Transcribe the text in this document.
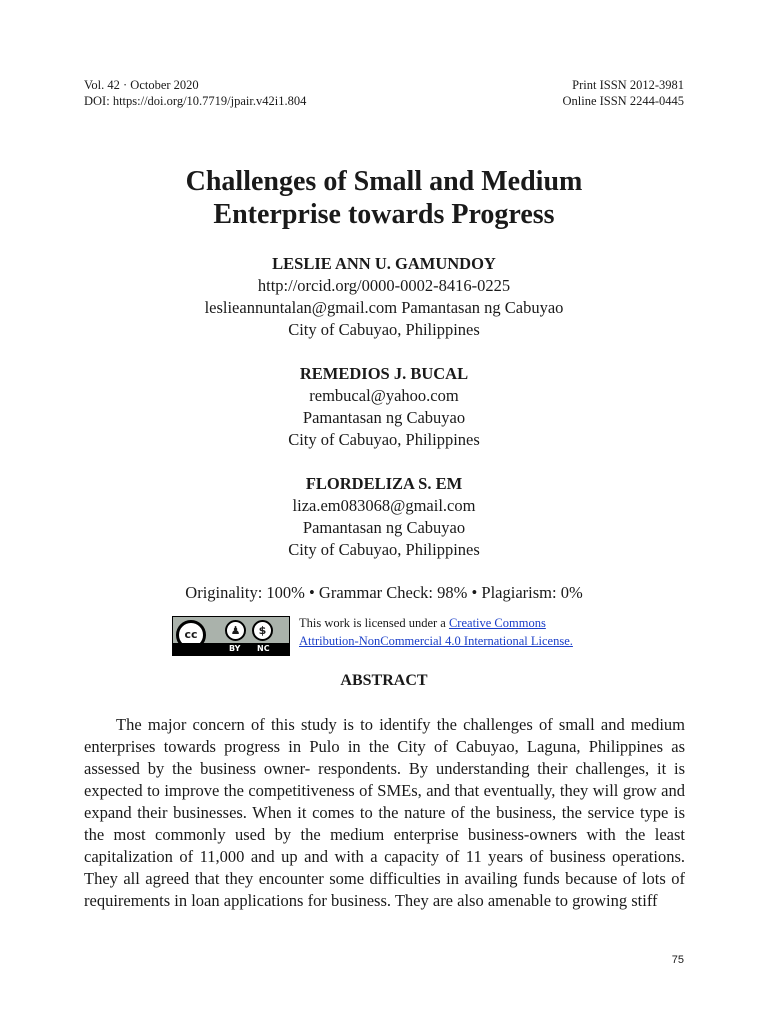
Vol. 42 · October 2020
DOI: https://doi.org/10.7719/jpair.v42i1.804
Print ISSN 2012-3981
Online ISSN 2244-0445
Challenges of Small and Medium
Enterprise towards Progress
LESLIE ANN U. GAMUNDOY
http://orcid.org/0000-0002-8416-0225
leslieannuntalan@gmail.com Pamantasan ng Cabuyao
City of Cabuyao, Philippines
REMEDIOS J. BUCAL
rembucal@yahoo.com
Pamantasan ng Cabuyao
City of Cabuyao, Philippines
FLORDELIZA S. EM
liza.em083068@gmail.com
Pamantasan ng Cabuyao
City of Cabuyao, Philippines
Originality: 100% • Grammar Check: 98% • Plagiarism: 0%
cc	♟	$
BY NC
This work is licensed under a Creative Commons
Attribution-NonCommercial 4.0 International License.
ABSTRACT
The major concern of this study is to identify the challenges of small and medium enterprises towards progress in Pulo in the City of Cabuyao, Laguna, Philippines as assessed by the business owner- respondents. By understanding their challenges, it is expected to improve the competitiveness of SMEs, and that eventually, they will grow and expand their businesses. When it comes to the nature of the business, the service type is the most commonly used by the medium enterprise business-owners with the least capitalization of 11,000 and up and with a capacity of 11 years of business operations. They all agreed that they encounter some difficulties in availing funds because of lots of requirements in loan applications for business. They are also amenable to growing stiff
75
